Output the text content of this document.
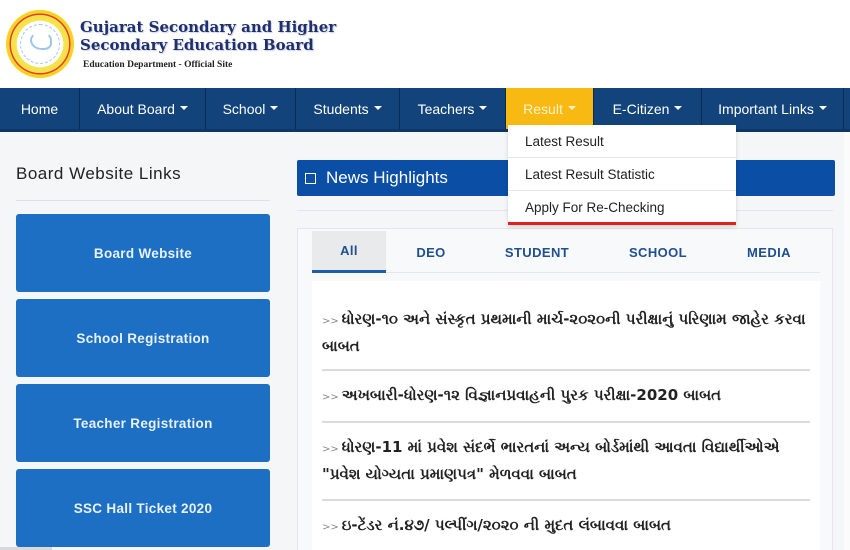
Gujarat Secondary and Higher
Secondary Education Board
Education Department - Official Site
Home	About Board	School	Students	Teachers	Result	E-Citizen	Important Links
Board Website Links
Board Website
School Registration
Teacher Registration
SSC Hall Ticket 2020
News Highlights
All	DEO	STUDENT	SCHOOL	MEDIA
>> ધોરણ-૧૦ અને સંસ્કૃત પ્રથમાની માર્ચ-૨૦૨૦ની પરીક્ષાનું પરિણામ જાહેર કરવા બાબત
>> અખબારી-ધોરણ-૧૨ વિજ્ઞાનપ્રવાહની પુરક પરીક્ષા-2020 બાબત
>> ધોરણ-11 માં પ્રવેશ સંદર્ભે ભારતનાં અન્ય બોર્ડમાંથી આવતા વિદ્યાર્થીઓએ "પ્રવેશ યોગ્યતા પ્રમાણપત્ર" મેળવવા બાબત
>> ઇ-ટેંડર નં.૪૭/ પલ્પીંગ/૨૦૨૦ ની મુદત લંબાવવા બાબત
Latest Result
Latest Result Statistic
Apply For Re-Checking
